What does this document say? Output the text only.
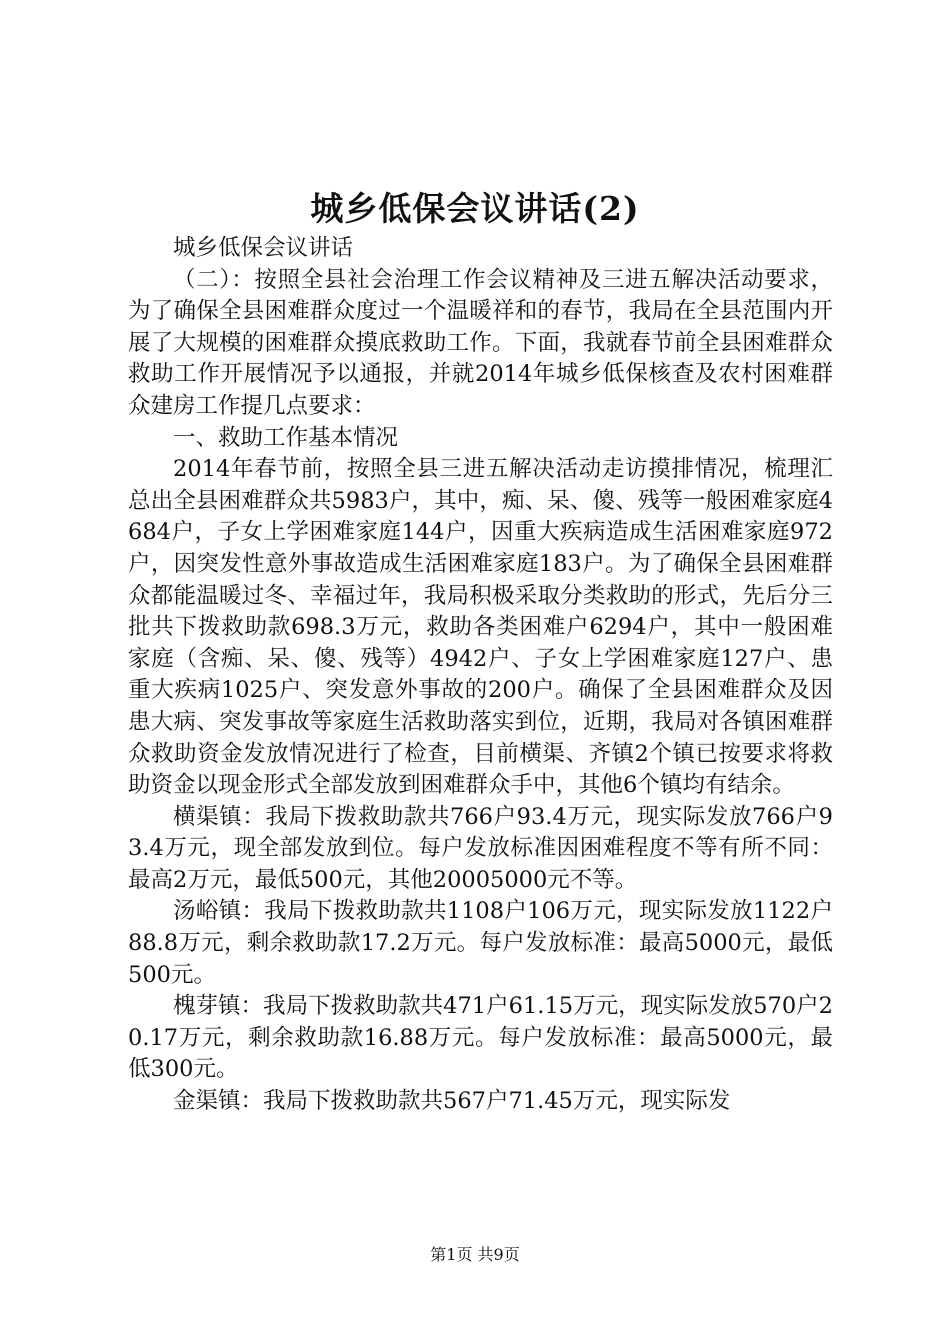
城乡低保会议讲话(2)

城乡低保会议讲话

（二）：按照全县社会治理工作会议精神及三进五解决活动要求，为了确保全县困难群众度过一个温暖祥和的春节，我局在全县范围内开展了大规模的困难群众摸底救助工作。下面，我就春节前全县困难群众救助工作开展情况予以通报，并就2014年城乡低保核查及农村困难群众建房工作提几点要求：

一、救助工作基本情况

2014年春节前，按照全县三进五解决活动走访摸排情况，梳理汇总出全县困难群众共5983户，其中，痴、呆、傻、残等一般困难家庭4684户，子女上学困难家庭144户，因重大疾病造成生活困难家庭972户，因突发性意外事故造成生活困难家庭183户。为了确保全县困难群众都能温暖过冬、幸福过年，我局积极采取分类救助的形式，先后分三批共下拨救助款698.3万元，救助各类困难户6294户，其中一般困难家庭（含痴、呆、傻、残等）4942户、子女上学困难家庭127户、患重大疾病1025户、突发意外事故的200户。确保了全县困难群众及因患大病、突发事故等家庭生活救助落实到位，近期，我局对各镇困难群众救助资金发放情况进行了检查，目前横渠、齐镇2个镇已按要求将救助资金以现金形式全部发放到困难群众手中，其他6个镇均有结余。

横渠镇：我局下拨救助款共766户93.4万元，现实际发放766户93.4万元，现全部发放到位。每户发放标准因困难程度不等有所不同：最高2万元，最低500元，其他20005000元不等。

汤峪镇：我局下拨救助款共1108户106万元，现实际发放1122户88.8万元，剩余救助款17.2万元。每户发放标准：最高5000元，最低500元。

槐芽镇：我局下拨救助款共471户61.15万元，现实际发放570户20.17万元，剩余救助款16.88万元。每户发放标准：最高5000元，最低300元。

金渠镇：我局下拨救助款共567户71.45万元，现实际发

第1页 共9页
